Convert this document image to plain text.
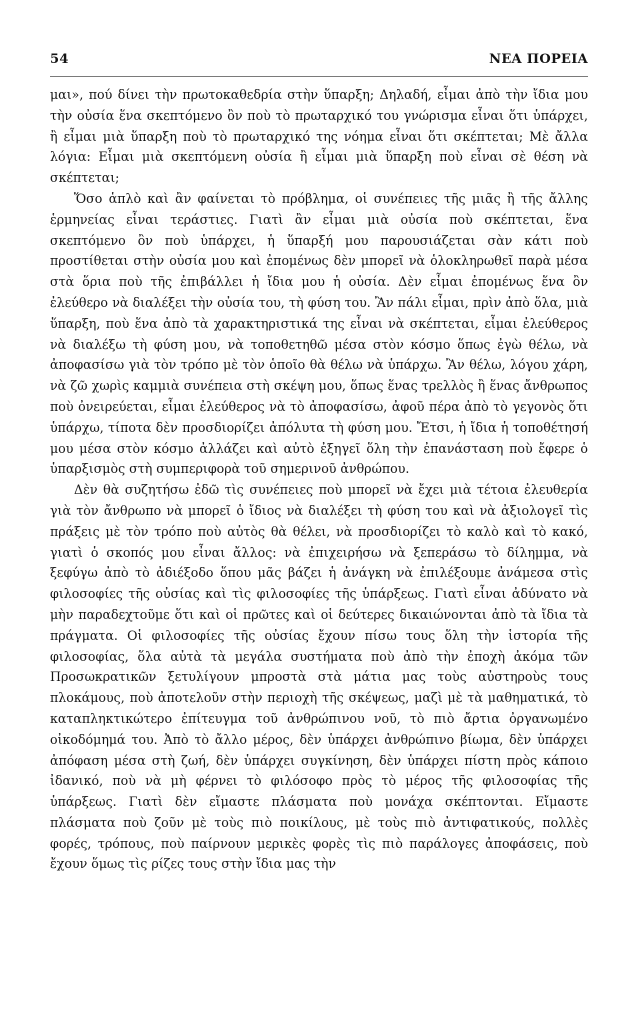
54	ΝΕΑ ΠΟΡΕΙΑ

μαι», πού δίνει τὴν πρωτοκαθεδρία στὴν ὕπαρξη; Δηλαδή, εἶμαι ἀπὸ τὴν ἴδια μου τὴν οὐσία ἕνα σκεπτόμενο ὂν ποὺ τὸ πρωταρχικό του γνώρισμα εἶναι ὅτι ὑπάρχει, ἢ εἶμαι μιὰ ὕπαρξη ποὺ τὸ πρωταρχικό της νόημα εἶναι ὅτι σκέπτεται; Μὲ ἄλλα λόγια: Εἶμαι μιὰ σκεπτόμενη οὐσία ἢ εἶμαι μιὰ ὕπαρξη ποὺ εἶναι σὲ θέση νὰ σκέπτεται;

Ὅσο ἁπλὸ καὶ ἂν φαίνεται τὸ πρόβλημα, οἱ συνέπειες τῆς μιᾶς ἢ τῆς ἄλλης ἑρμηνείας εἶναι τεράστιες. Γιατὶ ἂν εἶμαι μιὰ οὐσία ποὺ σκέπτεται, ἕνα σκεπτόμενο ὂν ποὺ ὑπάρχει, ἡ ὕπαρξή μου παρουσιάζεται σὰν κάτι ποὺ προστίθεται στὴν οὐσία μου καὶ ἐπομένως δὲν μπορεῖ νὰ ὁλοκληρωθεῖ παρὰ μέσα στὰ ὅρια ποὺ τῆς ἐπιβάλλει ἡ ἴδια μου ἡ οὐσία. Δὲν εἶμαι ἐπομένως ἕνα ὂν ἐλεύθερο νὰ διαλέξει τὴν οὐσία του, τὴ φύση του. Ἂν πάλι εἶμαι, πρὶν ἀπὸ ὅλα, μιὰ ὕπαρξη, ποὺ ἕνα ἀπὸ τὰ χαρακτηριστικά της εἶναι νὰ σκέπτεται, εἶμαι ἐλεύθερος νὰ διαλέξω τὴ φύση μου, νὰ τοποθετηθῶ μέσα στὸν κόσμο ὅπως ἐγὼ θέλω, νὰ ἀποφασίσω γιὰ τὸν τρόπο μὲ τὸν ὁποῖο θὰ θέλω νὰ ὑπάρχω. Ἂν θέλω, λόγου χάρη, νὰ ζῶ χωρὶς καμμιὰ συνέπεια στὴ σκέψη μου, ὅπως ἕνας τρελλὸς ἢ ἕνας ἄνθρωπος ποὺ ὀνειρεύεται, εἶμαι ἐλεύθερος νὰ τὸ ἀποφασίσω, ἀφοῦ πέρα ἀπὸ τὸ γεγονὸς ὅτι ὑπάρχω, τίποτα δὲν προσδιορίζει ἀπόλυτα τὴ φύση μου. Ἔτσι, ἡ ἴδια ἡ τοποθέτησή μου μέσα στὸν κόσμο ἀλλάζει καὶ αὐτὸ ἐξηγεῖ ὅλη τὴν ἐπανάσταση ποὺ ἔφερε ὁ ὑπαρξισμὸς στὴ συμπεριφορὰ τοῦ σημερινοῦ ἀνθρώπου.

Δὲν θὰ συζητήσω ἐδῶ τὶς συνέπειες ποὺ μπορεῖ νὰ ἔχει μιὰ τέτοια ἐλευθερία γιὰ τὸν ἄνθρωπο νὰ μπορεῖ ὁ ἴδιος νὰ διαλέξει τὴ φύση του καὶ νὰ ἀξιολογεῖ τὶς πράξεις μὲ τὸν τρόπο ποὺ αὐτὸς θὰ θέλει, νὰ προσδιορίζει τὸ καλὸ καὶ τὸ κακό, γιατὶ ὁ σκοπός μου εἶναι ἄλλος: νὰ ἐπιχειρήσω νὰ ξεπεράσω τὸ δίλημμα, νὰ ξεφύγω ἀπὸ τὸ ἀδιέξοδο ὅπου μᾶς βάζει ἡ ἀνάγκη νὰ ἐπιλέξουμε ἀνάμεσα στὶς φιλοσοφίες τῆς οὐσίας καὶ τὶς φιλοσοφίες τῆς ὑπάρξεως. Γιατὶ εἶναι ἀδύνατο νὰ μὴν παραδεχτοῦμε ὅτι καὶ οἱ πρῶτες καὶ οἱ δεύτερες δικαιώνονται ἀπὸ τὰ ἴδια τὰ πράγματα. Οἱ φιλοσοφίες τῆς οὐσίας ἔχουν πίσω τους ὅλη τὴν ἱστορία τῆς φιλοσοφίας, ὅλα αὐτὰ τὰ μεγάλα συστήματα ποὺ ἀπὸ τὴν ἐποχὴ ἀκόμα τῶν Προσωκρατικῶν ξετυλίγουν μπροστὰ στὰ μάτια μας τοὺς αὐστηροὺς τους πλοκάμους, ποὺ ἀποτελοῦν στὴν περιοχὴ τῆς σκέψεως, μαζὶ μὲ τὰ μαθηματικά, τὸ καταπληκτικώτερο ἐπίτευγμα τοῦ ἀνθρώπινου νοῦ, τὸ πιὸ ἄρτια ὀργανωμένο οἰκοδόμημά του. Ἀπὸ τὸ ἄλλο μέρος, δὲν ὑπάρχει ἀνθρώπινο βίωμα, δὲν ὑπάρχει ἀπόφαση μέσα στὴ ζωή, δὲν ὑπάρχει συγκίνηση, δὲν ὑπάρχει πίστη πρὸς κάποιο ἰδανικό, ποὺ νὰ μὴ φέρνει τὸ φιλόσοφο πρὸς τὸ μέρος τῆς φιλοσοφίας τῆς ὑπάρξεως. Γιατὶ δὲν εἴμαστε πλάσματα ποὺ μονάχα σκέπτονται. Εἴμαστε πλάσματα ποὺ ζοῦν μὲ τοὺς πιὸ ποικίλους, μὲ τοὺς πιὸ ἀντιφατικούς, πολλὲς φορές, τρόπους, ποὺ παίρνουν μερικὲς φορὲς τὶς πιὸ παράλογες ἀποφάσεις, ποὺ ἔχουν ὅμως τὶς ρίζες τους στὴν ἴδια μας τὴν
